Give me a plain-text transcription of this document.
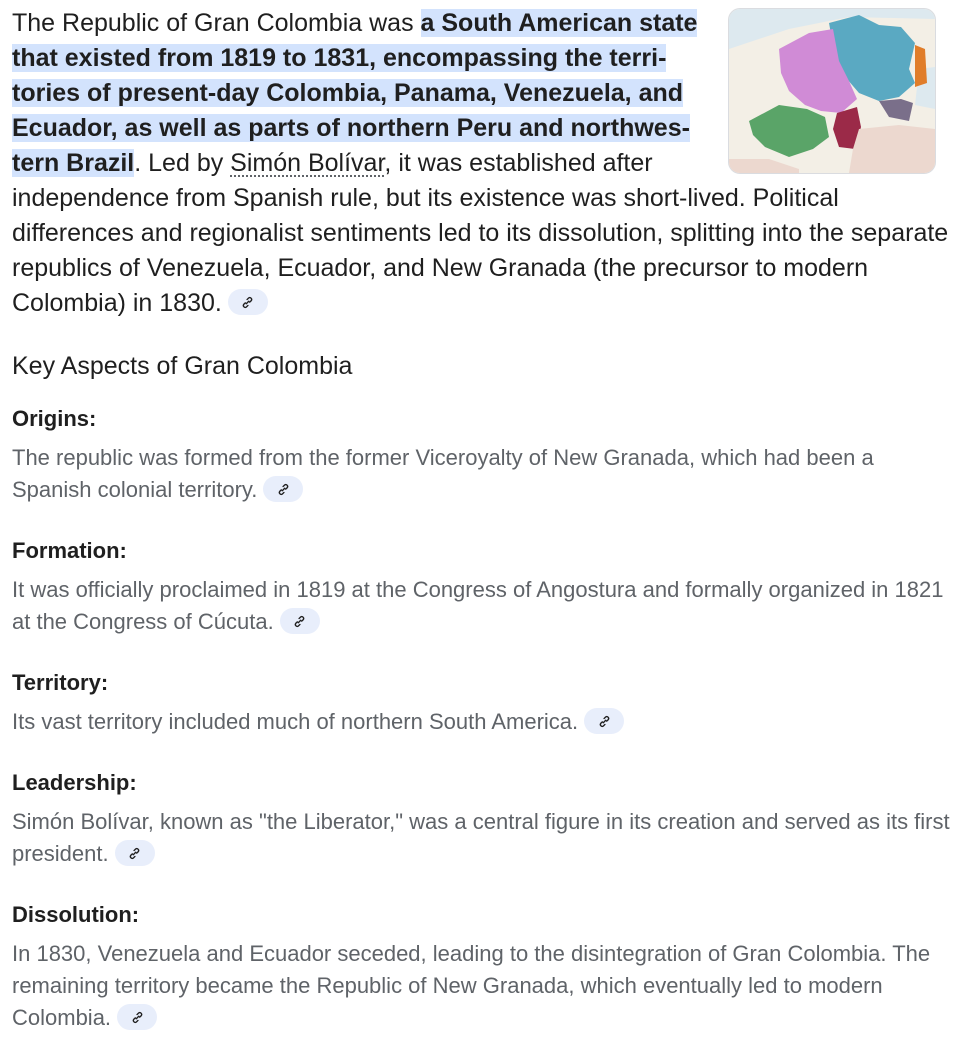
The Republic of Gran Colombia was a South American state that existed from 1819 to 1831, encompassing the territories of present-day Colombia, Panama, Venezuela, and Ecuador, as well as parts of northern Peru and northwestern Brazil. Led by Simón Bolívar, it was established after independence from Spanish rule, but its existence was short-lived. Political differences and regionalist sentiments led to its dissolution, splitting into the separate republics of Venezuela, Ecuador, and New Granada (the precursor to modern Colombia) in 1830.

Key Aspects of Gran Colombia
Origins:

The republic was formed from the former Viceroyalty of New Granada, which had been a Spanish colonial territory.

Formation:

It was officially proclaimed in 1819 at the Congress of Angostura and formally organized in 1821 at the Congress of Cúcuta.

Territory:

Its vast territory included much of northern South America.

Leadership:

Simón Bolívar, known as "the Liberator," was a central figure in its creation and served as its first president.

Dissolution:

In 1830, Venezuela and Ecuador seceded, leading to the disintegration of Gran Colombia. The remaining territory became the Republic of New Granada, which eventually led to modern Colombia.
